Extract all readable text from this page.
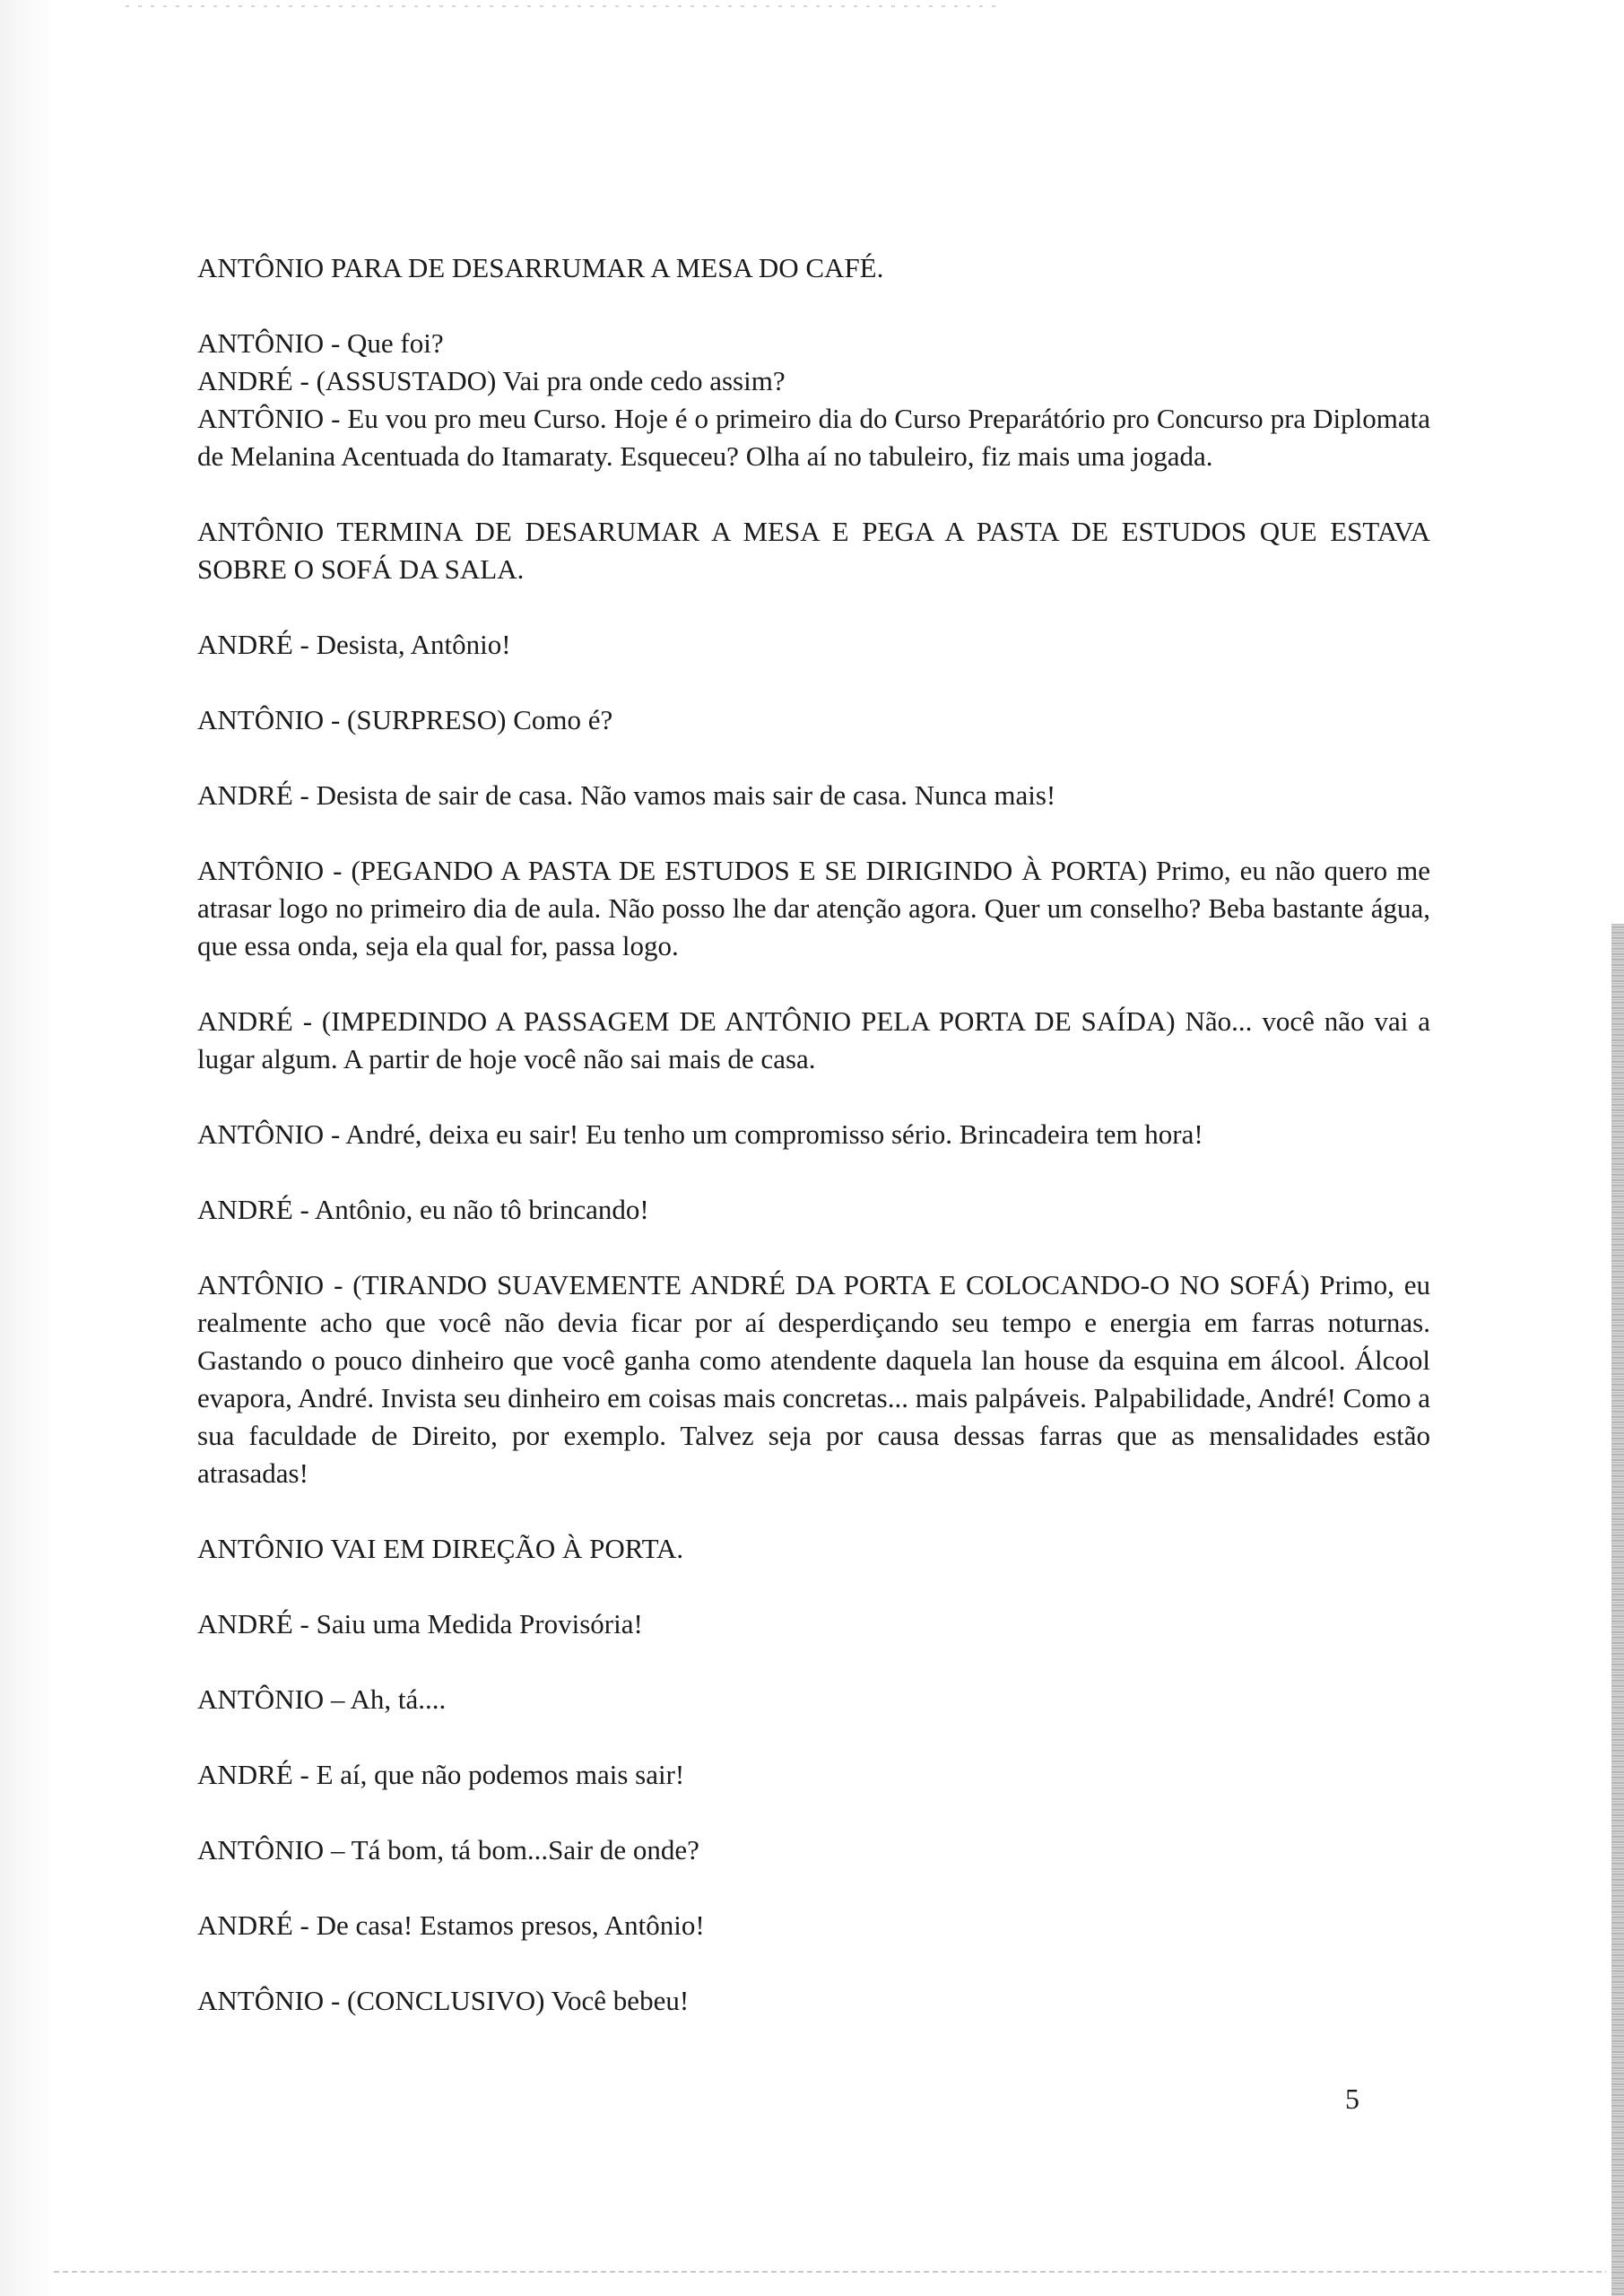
ANTÔNIO PARA DE DESARRUMAR A MESA DO CAFÉ.

ANTÔNIO - Que foi?

ANDRÉ - (ASSUSTADO) Vai pra onde cedo assim?

ANTÔNIO - Eu vou pro meu Curso. Hoje é o primeiro dia do Curso Preparátório pro Concurso pra Diplomata de Melanina Acentuada do Itamaraty. Esqueceu? Olha aí no tabuleiro, fiz mais uma jogada.

ANTÔNIO TERMINA DE DESARUMAR A MESA E PEGA A PASTA DE ESTUDOS QUE ESTAVA SOBRE O SOFÁ DA SALA.

ANDRÉ - Desista, Antônio!

ANTÔNIO - (SURPRESO) Como é?

ANDRÉ - Desista de sair de casa. Não vamos mais sair de casa. Nunca mais!

ANTÔNIO - (PEGANDO A PASTA DE ESTUDOS E SE DIRIGINDO À PORTA) Primo, eu não quero me atrasar logo no primeiro dia de aula. Não posso lhe dar atenção agora. Quer um conselho? Beba bastante água, que essa onda, seja ela qual for, passa logo.

ANDRÉ - (IMPEDINDO A PASSAGEM DE ANTÔNIO PELA PORTA DE SAÍDA) Não... você não vai a lugar algum. A partir de hoje você não sai mais de casa.

ANTÔNIO - André, deixa eu sair! Eu tenho um compromisso sério. Brincadeira tem hora!

ANDRÉ - Antônio, eu não tô brincando!

ANTÔNIO - (TIRANDO SUAVEMENTE ANDRÉ DA PORTA E COLOCANDO-O NO SOFÁ) Primo, eu realmente acho que você não devia ficar por aí desperdiçando seu tempo e energia em farras noturnas. Gastando o pouco dinheiro que você ganha como atendente daquela lan house da esquina em álcool. Álcool evapora, André. Invista seu dinheiro em coisas mais concretas... mais palpáveis. Palpabilidade, André! Como a sua faculdade de Direito, por exemplo. Talvez seja por causa dessas farras que as mensalidades estão atrasadas!

ANTÔNIO VAI EM DIREÇÃO À PORTA.

ANDRÉ - Saiu uma Medida Provisória!

ANTÔNIO – Ah, tá....

ANDRÉ - E aí, que não podemos mais sair!

ANTÔNIO – Tá bom, tá bom...Sair de onde?

ANDRÉ - De casa! Estamos presos, Antônio!

ANTÔNIO - (CONCLUSIVO) Você bebeu!

5
